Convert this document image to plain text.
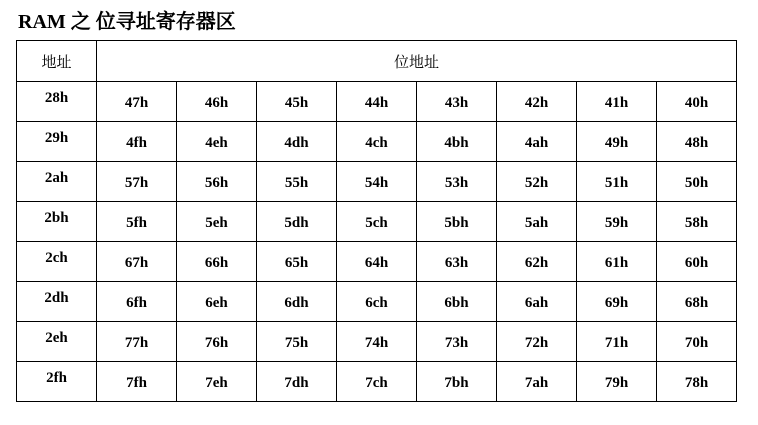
RAM 之 位寻址寄存器区
地址	位地址							
28h	47h	46h	45h	44h	43h	42h	41h	40h
29h	4fh	4eh	4dh	4ch	4bh	4ah	49h	48h
2ah	57h	56h	55h	54h	53h	52h	51h	50h
2bh	5fh	5eh	5dh	5ch	5bh	5ah	59h	58h
2ch	67h	66h	65h	64h	63h	62h	61h	60h
2dh	6fh	6eh	6dh	6ch	6bh	6ah	69h	68h
2eh	77h	76h	75h	74h	73h	72h	71h	70h
2fh	7fh	7eh	7dh	7ch	7bh	7ah	79h	78h
